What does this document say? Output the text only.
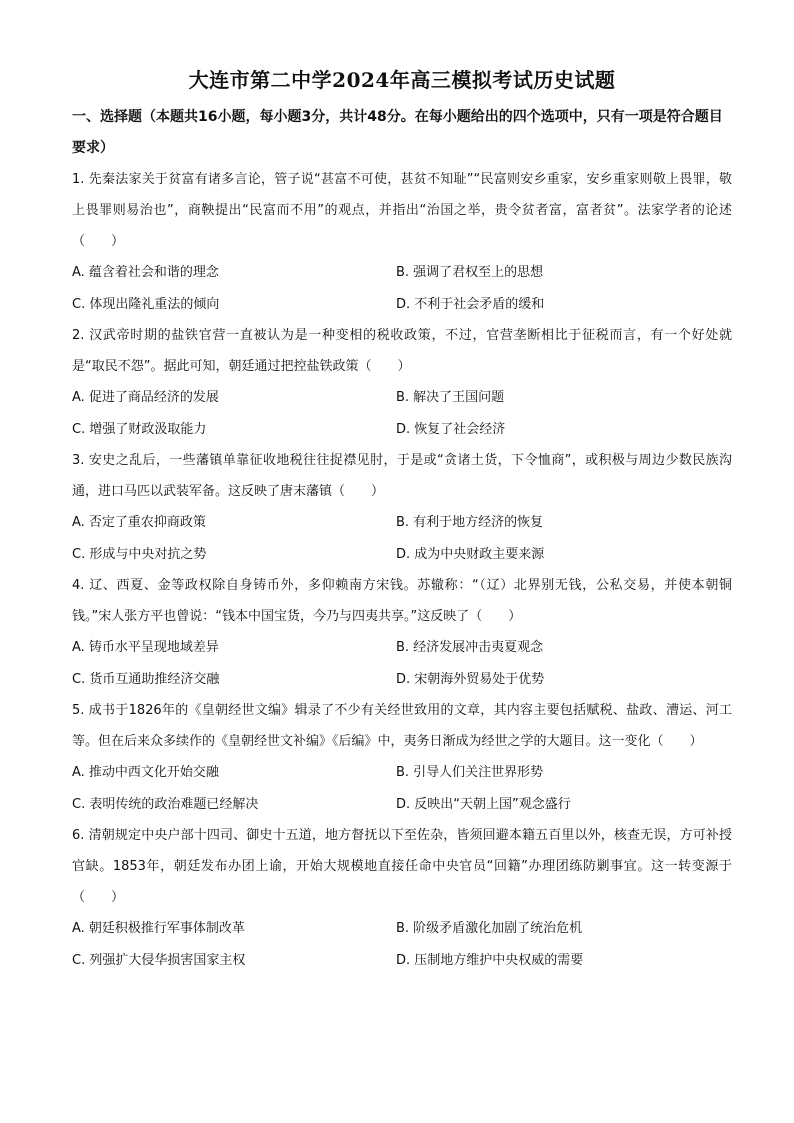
大连市第二中学2024年高三模拟考试历史试题

一、选择题（本题共16小题，每小题3分，共计48分。在每小题给出的四个选项中，只有一项是符合题目要求）

1. 先秦法家关于贫富有诸多言论，管子说“甚富不可使，甚贫不知耻”“民富则安乡重家，安乡重家则敬上畏罪，敬上畏罪则易治也”，商鞅提出“民富而不用”的观点，并指出“治国之举，贵令贫者富，富者贫”。法家学者的论述（　　）

A. 蕴含着社会和谐的理念	B. 强调了君权至上的思想
C. 体现出隆礼重法的倾向	D. 不利于社会矛盾的缓和

2. 汉武帝时期的盐铁官营一直被认为是一种变相的税收政策，不过，官营垄断相比于征税而言，有一个好处就是“取民不怨”。据此可知，朝廷通过把控盐铁政策（　　）

A. 促进了商品经济的发展	B. 解决了王国问题
C. 增强了财政汲取能力	D. 恢复了社会经济

3. 安史之乱后，一些藩镇单靠征收地税往往捉襟见肘，于是或“贪诸土货，下令恤商”，或积极与周边少数民族沟通，进口马匹以武装军备。这反映了唐末藩镇（　　）

A. 否定了重农抑商政策	B. 有利于地方经济的恢复
C. 形成与中央对抗之势	D. 成为中央财政主要来源

4. 辽、西夏、金等政权除自身铸币外，多仰赖南方宋钱。苏辙称：“（辽）北界别无钱，公私交易，并使本朝铜钱。”宋人张方平也曾说：“钱本中国宝货，今乃与四夷共享。”这反映了（　　）

A. 铸币水平呈现地域差异	B. 经济发展冲击夷夏观念
C. 货币互通助推经济交融	D. 宋朝海外贸易处于优势

5. 成书于1826年的《皇朝经世文编》辑录了不少有关经世致用的文章，其内容主要包括赋税、盐政、漕运、河工等。但在后来众多续作的《皇朝经世文补编》《后编》中，夷务日渐成为经世之学的大题目。这一变化（　　）

A. 推动中西文化开始交融	B. 引导人们关注世界形势
C. 表明传统的政治难题已经解决	D. 反映出“天朝上国”观念盛行

6. 清朝规定中央户部十四司、御史十五道，地方督抚以下至佐杂，皆须回避本籍五百里以外，核查无误，方可补授官缺。1853年，朝廷发布办团上谕，开始大规模地直接任命中央官员“回籍”办理团练防剿事宜。这一转变源于（　　）

A. 朝廷积极推行军事体制改革	B. 阶级矛盾激化加剧了统治危机
C. 列强扩大侵华损害国家主权	D. 压制地方维护中央权威的需要
